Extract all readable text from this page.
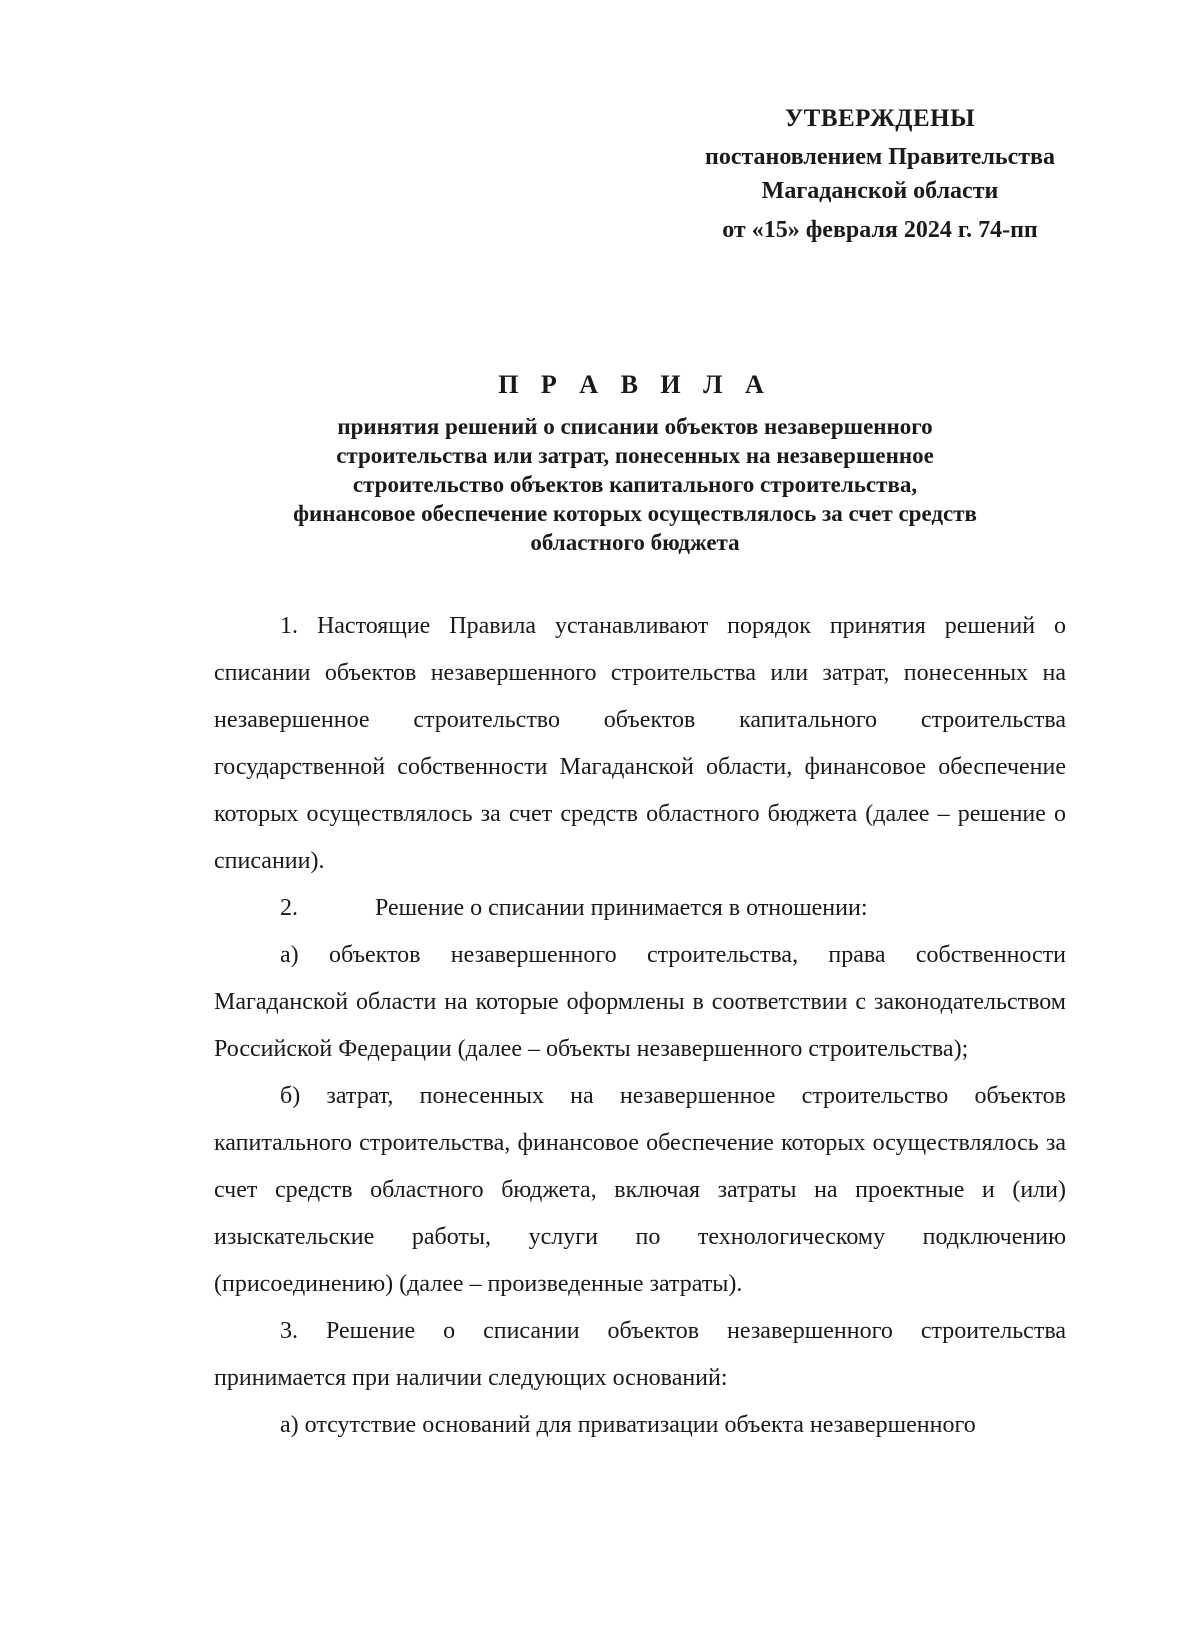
УТВЕРЖДЕНЫ
постановлением Правительства
Магаданской области
от «15» февраля 2024 г. 74-пп
П Р А В И Л А
принятия решений о списании объектов незавершенного
строительства или затрат, понесенных на незавершенное
строительство объектов капитального строительства,
финансовое обеспечение которых осуществлялось за счет средств
областного бюджета

1. Настоящие Правила устанавливают порядок принятия решений о списании объектов незавершенного строительства или затрат, понесенных на незавершенное строительство объектов капитального строительства государственной собственности Магаданской области, финансовое обеспечение которых осуществлялось за счет средств областного бюджета (далее – решение о списании).

2.	Решение о списании принимается в отношении:

а) объектов незавершенного строительства, права собственности Магаданской области на которые оформлены в соответствии с законодательством Российской Федерации (далее – объекты незавершенного строительства);

б) затрат, понесенных на незавершенное строительство объектов капитального строительства, финансовое обеспечение которых осуществлялось за счет средств областного бюджета, включая затраты на проектные и (или) изыскательские работы, услуги по технологическому подключению (присоединению) (далее – произведенные затраты).

3. Решение о списании объектов незавершенного строительства принимается при наличии следующих оснований:

а) отсутствие оснований для приватизации объекта незавершенного
